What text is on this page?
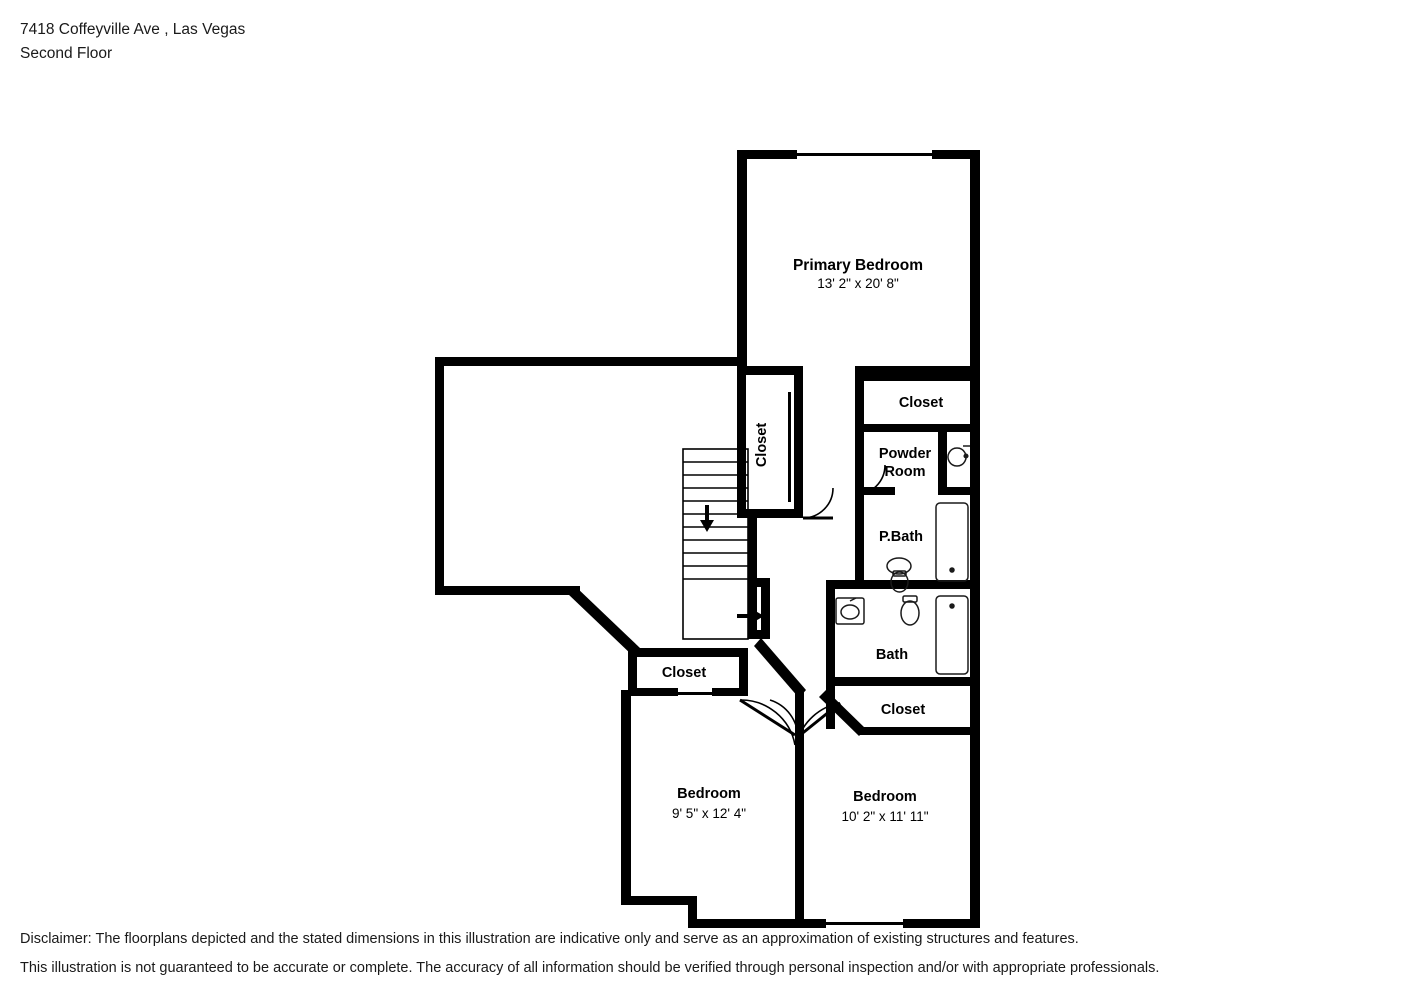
7418 Coffeyville Ave , Las Vegas
Second Floor
Primary Bedroom
13' 2" x 20' 8"
Closet
Closet
Powder
Room
P.Bath
Bath
Closet
Closet
Bedroom
9' 5" x 12' 4"
Bedroom
10' 2" x 11' 11"
Disclaimer: The floorplans depicted and the stated dimensions in this illustration are indicative only and serve as an approximation of existing structures and features.
This illustration is not guaranteed to be accurate or complete. The accuracy of all information should be verified through personal inspection and/or with appropriate professionals.
